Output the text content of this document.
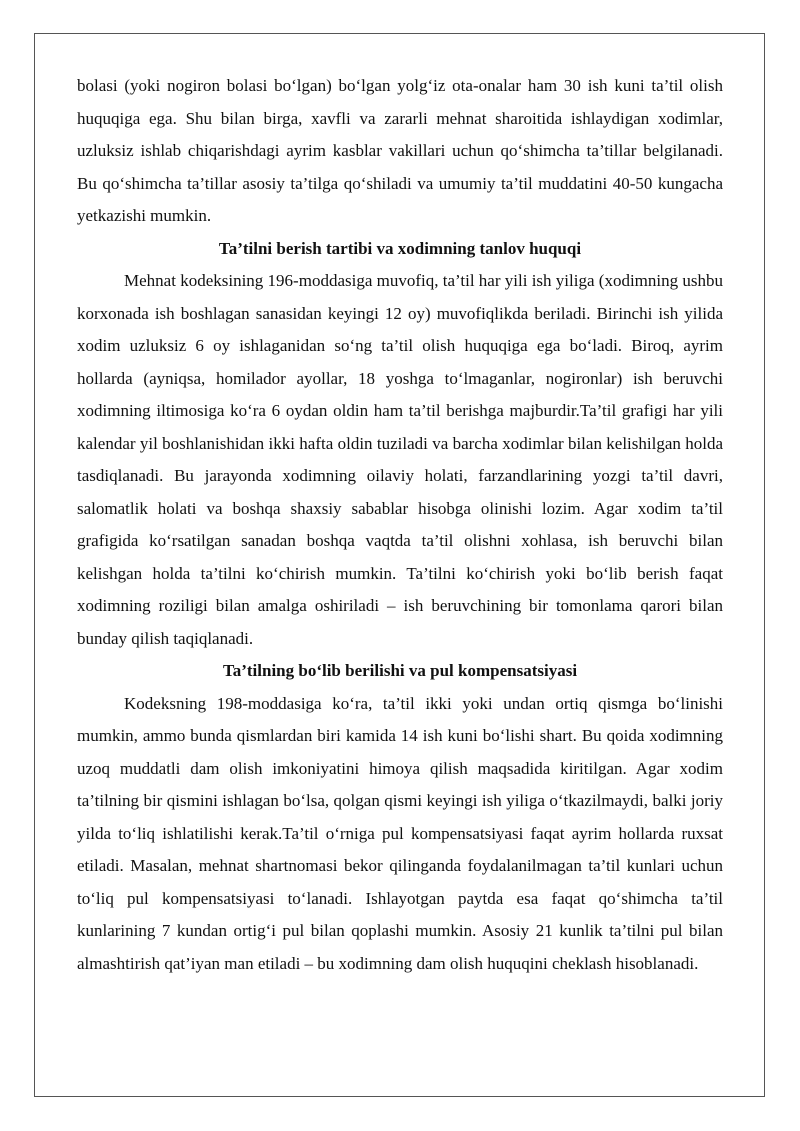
bolasi (yoki nogiron bolasi bo‘lgan) bo‘lgan yolg‘iz ota-onalar ham 30 ish kuni ta’til olish huquqiga ega. Shu bilan birga, xavfli va zararli mehnat sharoitida ishlaydigan xodimlar, uzluksiz ishlab chiqarishdagi ayrim kasblar vakillari uchun qo‘shimcha ta’tillar belgilanadi. Bu qo‘shimcha ta’tillar asosiy ta’tilga qo‘shiladi va umumiy ta’til muddatini 40-50 kungacha yetkazishi mumkin.

Ta’tilni berish tartibi va xodimning tanlov huquqi

Mehnat kodeksining 196-moddasiga muvofiq, ta’til har yili ish yiliga (xodimning ushbu korxonada ish boshlagan sanasidan keyingi 12 oy) muvofiqlikda beriladi. Birinchi ish yilida xodim uzluksiz 6 oy ishlaganidan so‘ng ta’til olish huquqiga ega bo‘ladi. Biroq, ayrim hollarda (ayniqsa, homilador ayollar, 18 yoshga to‘lmaganlar, nogironlar) ish beruvchi xodimning iltimosiga ko‘ra 6 oydan oldin ham ta’til berishga majburdir.Ta’til grafigi har yili kalendar yil boshlanishidan ikki hafta oldin tuziladi va barcha xodimlar bilan kelishilgan holda tasdiqlanadi. Bu jarayonda xodimning oilaviy holati, farzandlarining yozgi ta’til davri, salomatlik holati va boshqa shaxsiy sabablar hisobga olinishi lozim. Agar xodim ta’til grafigida ko‘rsatilgan sanadan boshqa vaqtda ta’til olishni xohlasa, ish beruvchi bilan kelishgan holda ta’tilni ko‘chirish mumkin. Ta’tilni ko‘chirish yoki bo‘lib berish faqat xodimning roziligi bilan amalga oshiriladi – ish beruvchining bir tomonlama qarori bilan bunday qilish taqiqlanadi.

Ta’tilning bo‘lib berilishi va pul kompensatsiyasi

Kodeksning 198-moddasiga ko‘ra, ta’til ikki yoki undan ortiq qismga bo‘linishi mumkin, ammo bunda qismlardan biri kamida 14 ish kuni bo‘lishi shart. Bu qoida xodimning uzoq muddatli dam olish imkoniyatini himoya qilish maqsadida kiritilgan. Agar xodim ta’tilning bir qismini ishlagan bo‘lsa, qolgan qismi keyingi ish yiliga o‘tkazilmaydi, balki joriy yilda to‘liq ishlatilishi kerak.Ta’til o‘rniga pul kompensatsiyasi faqat ayrim hollarda ruxsat etiladi. Masalan, mehnat shartnomasi bekor qilinganda foydalanilmagan ta’til kunlari uchun to‘liq pul kompensatsiyasi to‘lanadi. Ishlayotgan paytda esa faqat qo‘shimcha ta’til kunlarining 7 kundan ortig‘i pul bilan qoplashi mumkin. Asosiy 21 kunlik ta’tilni pul bilan almashtirish qat’iyan man etiladi – bu xodimning dam olish huquqini cheklash hisoblanadi.
